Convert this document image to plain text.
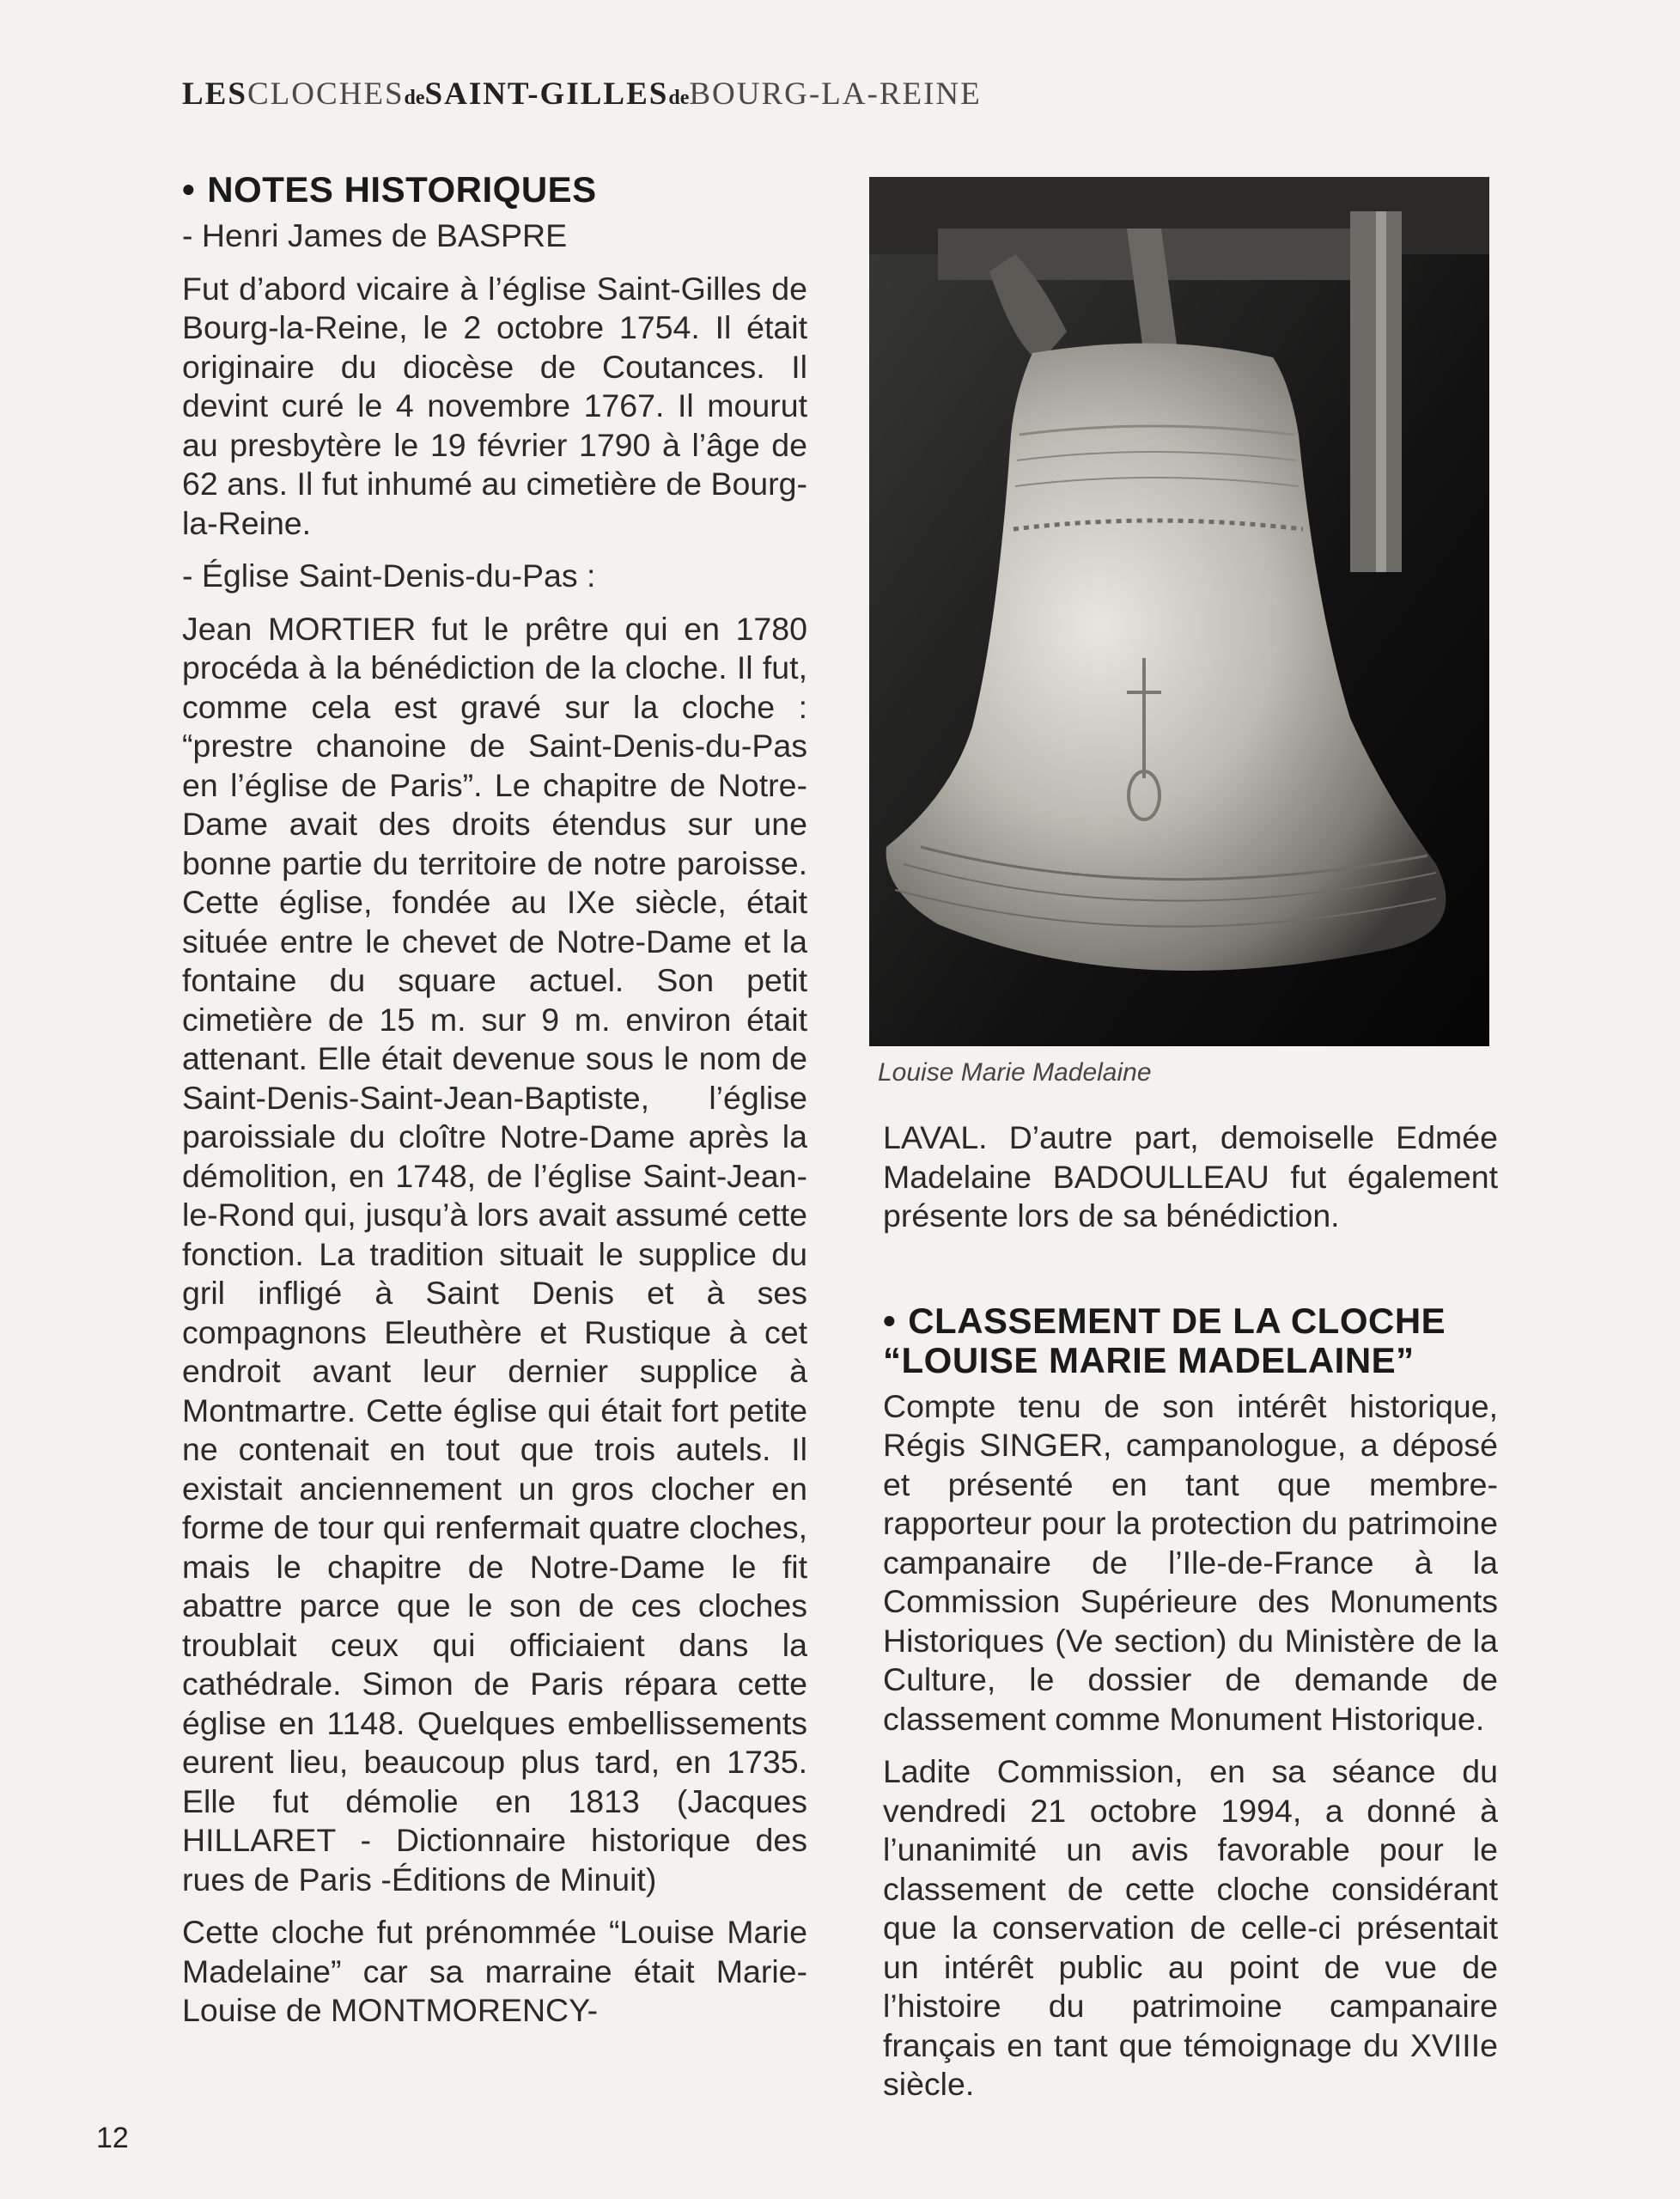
LESCLOCHESdeSAINT-GILLESdeBOURG-LA-REINE
• NOTES HISTORIQUES
- Henri James de BASPRE

Fut d’abord vicaire à l’église Saint-Gilles de Bourg-la-Reine, le 2 octobre 1754. Il était originaire du diocèse de Coutances. Il devint curé le 4 novembre 1767. Il mourut au presbytère le 19 février 1790 à l’âge de 62 ans. Il fut inhumé au cimetière de Bourg-la-Reine.

- Église Saint-Denis-du-Pas :

Jean MORTIER fut le prêtre qui en 1780 procéda à la bénédiction de la cloche. Il fut, comme cela est gravé sur la cloche : “prestre chanoine de Saint-Denis-du-Pas en l’église de Paris”. Le chapitre de Notre-Dame avait des droits étendus sur une bonne partie du territoire de notre paroisse. Cette église, fondée au IXe siècle, était située entre le chevet de Notre-Dame et la fontaine du square actuel. Son petit cimetière de 15 m. sur 9 m. environ était attenant. Elle était devenue sous le nom de Saint-Denis-Saint-Jean-Baptiste, l’église paroissiale du cloître Notre-Dame après la démolition, en 1748, de l’église Saint-Jean-le-Rond qui, jusqu’à lors avait assumé cette fonction. La tradition situait le supplice du gril infligé à Saint Denis et à ses compagnons Eleuthère et Rustique à cet endroit avant leur dernier supplice à Montmartre. Cette église qui était fort petite ne contenait en tout que trois autels. Il existait anciennement un gros clocher en forme de tour qui renfermait quatre cloches, mais le chapitre de Notre-Dame le fit abattre parce que le son de ces cloches troublait ceux qui officiaient dans la cathédrale. Simon de Paris répara cette église en 1148. Quelques embellissements eurent lieu, beaucoup plus tard, en 1735. Elle fut démolie en 1813 (Jacques HILLARET - Dictionnaire historique des rues de Paris -Éditions de Minuit)

Cette cloche fut prénommée “Louise Marie Madelaine” car sa marraine était Marie-Louise de MONTMORENCY-

Louise Marie Madelaine

LAVAL. D’autre part, demoiselle Edmée Madelaine BADOULLEAU fut également présente lors de sa bénédiction.

• CLASSEMENT DE LA CLOCHE
“LOUISE MARIE MADELAINE”

Compte tenu de son intérêt historique, Régis SINGER, campanologue, a déposé et présenté en tant que membre-rapporteur pour la protection du patrimoine campanaire de l’Ile-de-France à la Commission Supérieure des Monuments Historiques (Ve section) du Ministère de la Culture, le dossier de demande de classement comme Monument Historique.

Ladite Commission, en sa séance du vendredi 21 octobre 1994, a donné à l’unanimité un avis favorable pour le classement de cette cloche considérant que la conservation de celle-ci présentait un intérêt public au point de vue de l’histoire du patrimoine campanaire français en tant que témoignage du XVIIIe siècle.

12
